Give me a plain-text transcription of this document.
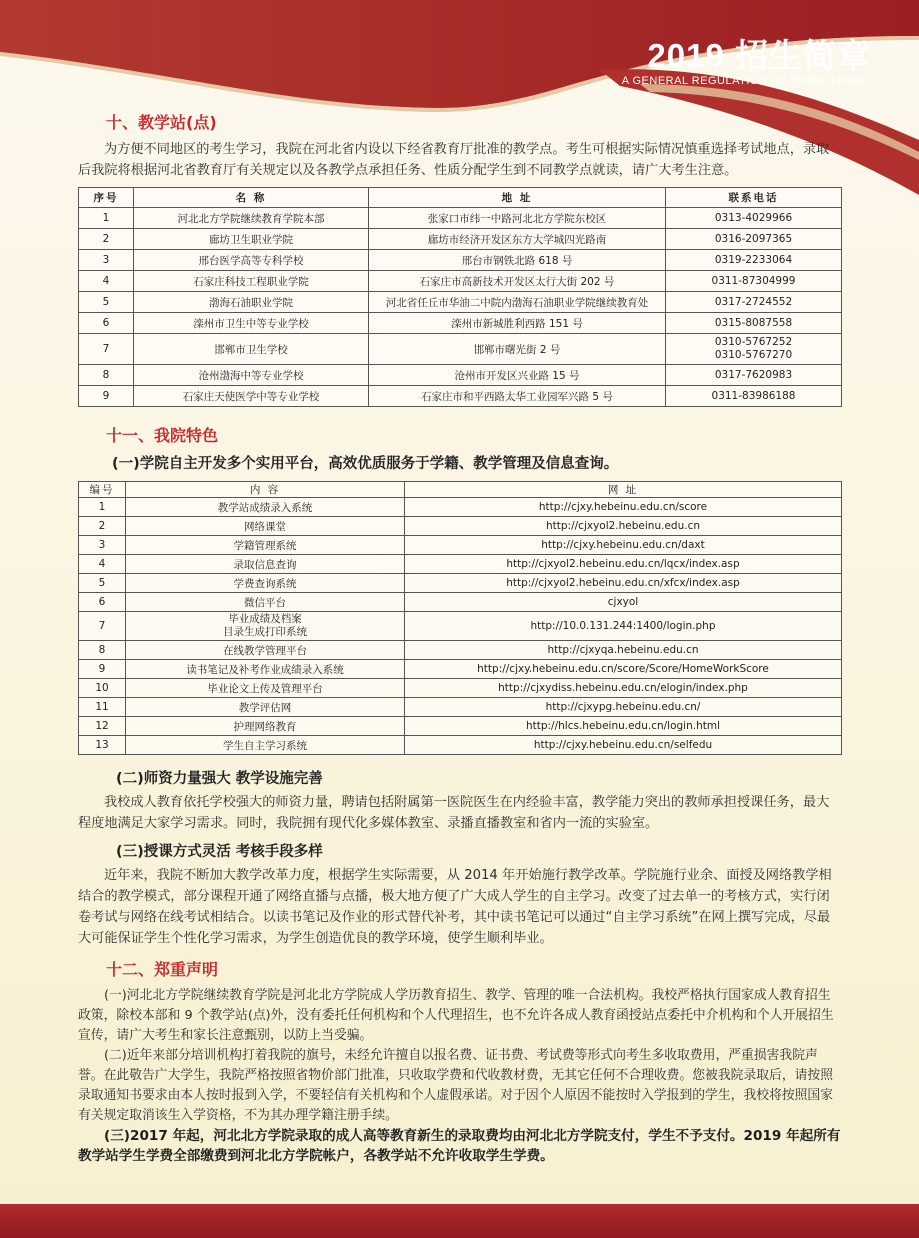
2019 招生简章
A GENERAL REGULATION OF ENROLLMENT
十、教学站(点)

为方便不同地区的考生学习，我院在河北省内设以下经省教育厅批准的教学点。考生可根据实际情况慎重选择考试地点，录取后我院将根据河北省教育厅有关规定以及各教学点承担任务、性质分配学生到不同教学点就读，请广大考生注意。

序号	名 称	地 址	联系电话
1	河北北方学院继续教育学院本部	张家口市纬一中路河北北方学院东校区	0313-4029966
2	廊坊卫生职业学院	廊坊市经济开发区东方大学城四光路南	0316-2097365
3	邢台医学高等专科学校	邢台市钢铁北路 618 号	0319-2233064
4	石家庄科技工程职业学院	石家庄市高新技术开发区太行大街 202 号	0311-87304999
5	渤海石油职业学院	河北省任丘市华油二中院内渤海石油职业学院继续教育处	0317-2724552
6	滦州市卫生中等专业学校	滦州市新城胜利西路 151 号	0315-8087558
7	邯郸市卫生学校	邯郸市曙光街 2 号	0310-5767252
0310-5767270

8	沧州渤海中等专业学校	沧州市开发区兴业路 15 号	0317-7620983
9	石家庄天使医学中等专业学校	石家庄市和平西路太华工业园军兴路 5 号	0311-83986188
十一、我院特色
(一)学院自主开发多个实用平台，高效优质服务于学籍、教学管理及信息查询。
编号	内 容	网 址
1	教学站成绩录入系统	http://cjxy.hebeinu.edu.cn/score
2	网络课堂	http://cjxyol2.hebeinu.edu.cn
3	学籍管理系统	http://cjxy.hebeinu.edu.cn/daxt
4	录取信息查询	http://cjxyol2.hebeinu.edu.cn/lqcx/index.asp
5	学费查询系统	http://cjxyol2.hebeinu.edu.cn/xfcx/index.asp
6	微信平台	cjxyol
7	毕业成绩及档案
目录生成打印系统	http://10.0.131.244:1400/login.php
8	在线教学管理平台	http://cjxyqa.hebeinu.edu.cn
9	读书笔记及补考作业成绩录入系统	http://cjxy.hebeinu.edu.cn/score/Score/HomeWorkScore
10	毕业论文上传及管理平台	http://cjxydiss.hebeinu.edu.cn/elogin/index.php
11	教学评估网	http://cjxypg.hebeinu.edu.cn/
12	护理网络教育	http://hlcs.hebeinu.edu.cn/login.html
13	学生自主学习系统	http://cjxy.hebeinu.edu.cn/selfedu
(二)师资力量强大 教学设施完善

我校成人教育依托学校强大的师资力量，聘请包括附属第一医院医生在内经验丰富，教学能力突出的教师承担授课任务，最大程度地满足大家学习需求。同时，我院拥有现代化多媒体教室、录播直播教室和省内一流的实验室。

(三)授课方式灵活 考核手段多样

近年来，我院不断加大教学改革力度，根据学生实际需要，从 2014 年开始施行教学改革。学院施行业余、面授及网络教学相结合的教学模式，部分课程开通了网络直播与点播，极大地方便了广大成人学生的自主学习。改变了过去单一的考核方式，实行闭卷考试与网络在线考试相结合。以读书笔记及作业的形式替代补考，其中读书笔记可以通过“自主学习系统”在网上撰写完成，尽最大可能保证学生个性化学习需求，为学生创造优良的教学环境，使学生顺利毕业。

十二、郑重声明

(一)河北北方学院继续教育学院是河北北方学院成人学历教育招生、教学、管理的唯一合法机构。我校严格执行国家成人教育招生政策，除校本部和 9 个教学站(点)外，没有委托任何机构和个人代理招生，也不允许各成人教育函授站点委托中介机构和个人开展招生宣传，请广大考生和家长注意甄别，以防上当受骗。

(二)近年来部分培训机构打着我院的旗号，未经允许擅自以报名费、证书费、考试费等形式向考生多收取费用，严重损害我院声誉。在此敬告广大学生，我院严格按照省物价部门批准，只收取学费和代收教材费，无其它任何不合理收费。您被我院录取后，请按照录取通知书要求由本人按时报到入学，不要轻信有关机构和个人虚假承诺。对于因个人原因不能按时入学报到的学生，我校将按照国家有关规定取消该生入学资格，不为其办理学籍注册手续。

(三)2017 年起，河北北方学院录取的成人高等教育新生的录取费均由河北北方学院支付，学生不予支付。2019 年起所有教学站学生学费全部缴费到河北北方学院帐户，各教学站不允许收取学生学费。
